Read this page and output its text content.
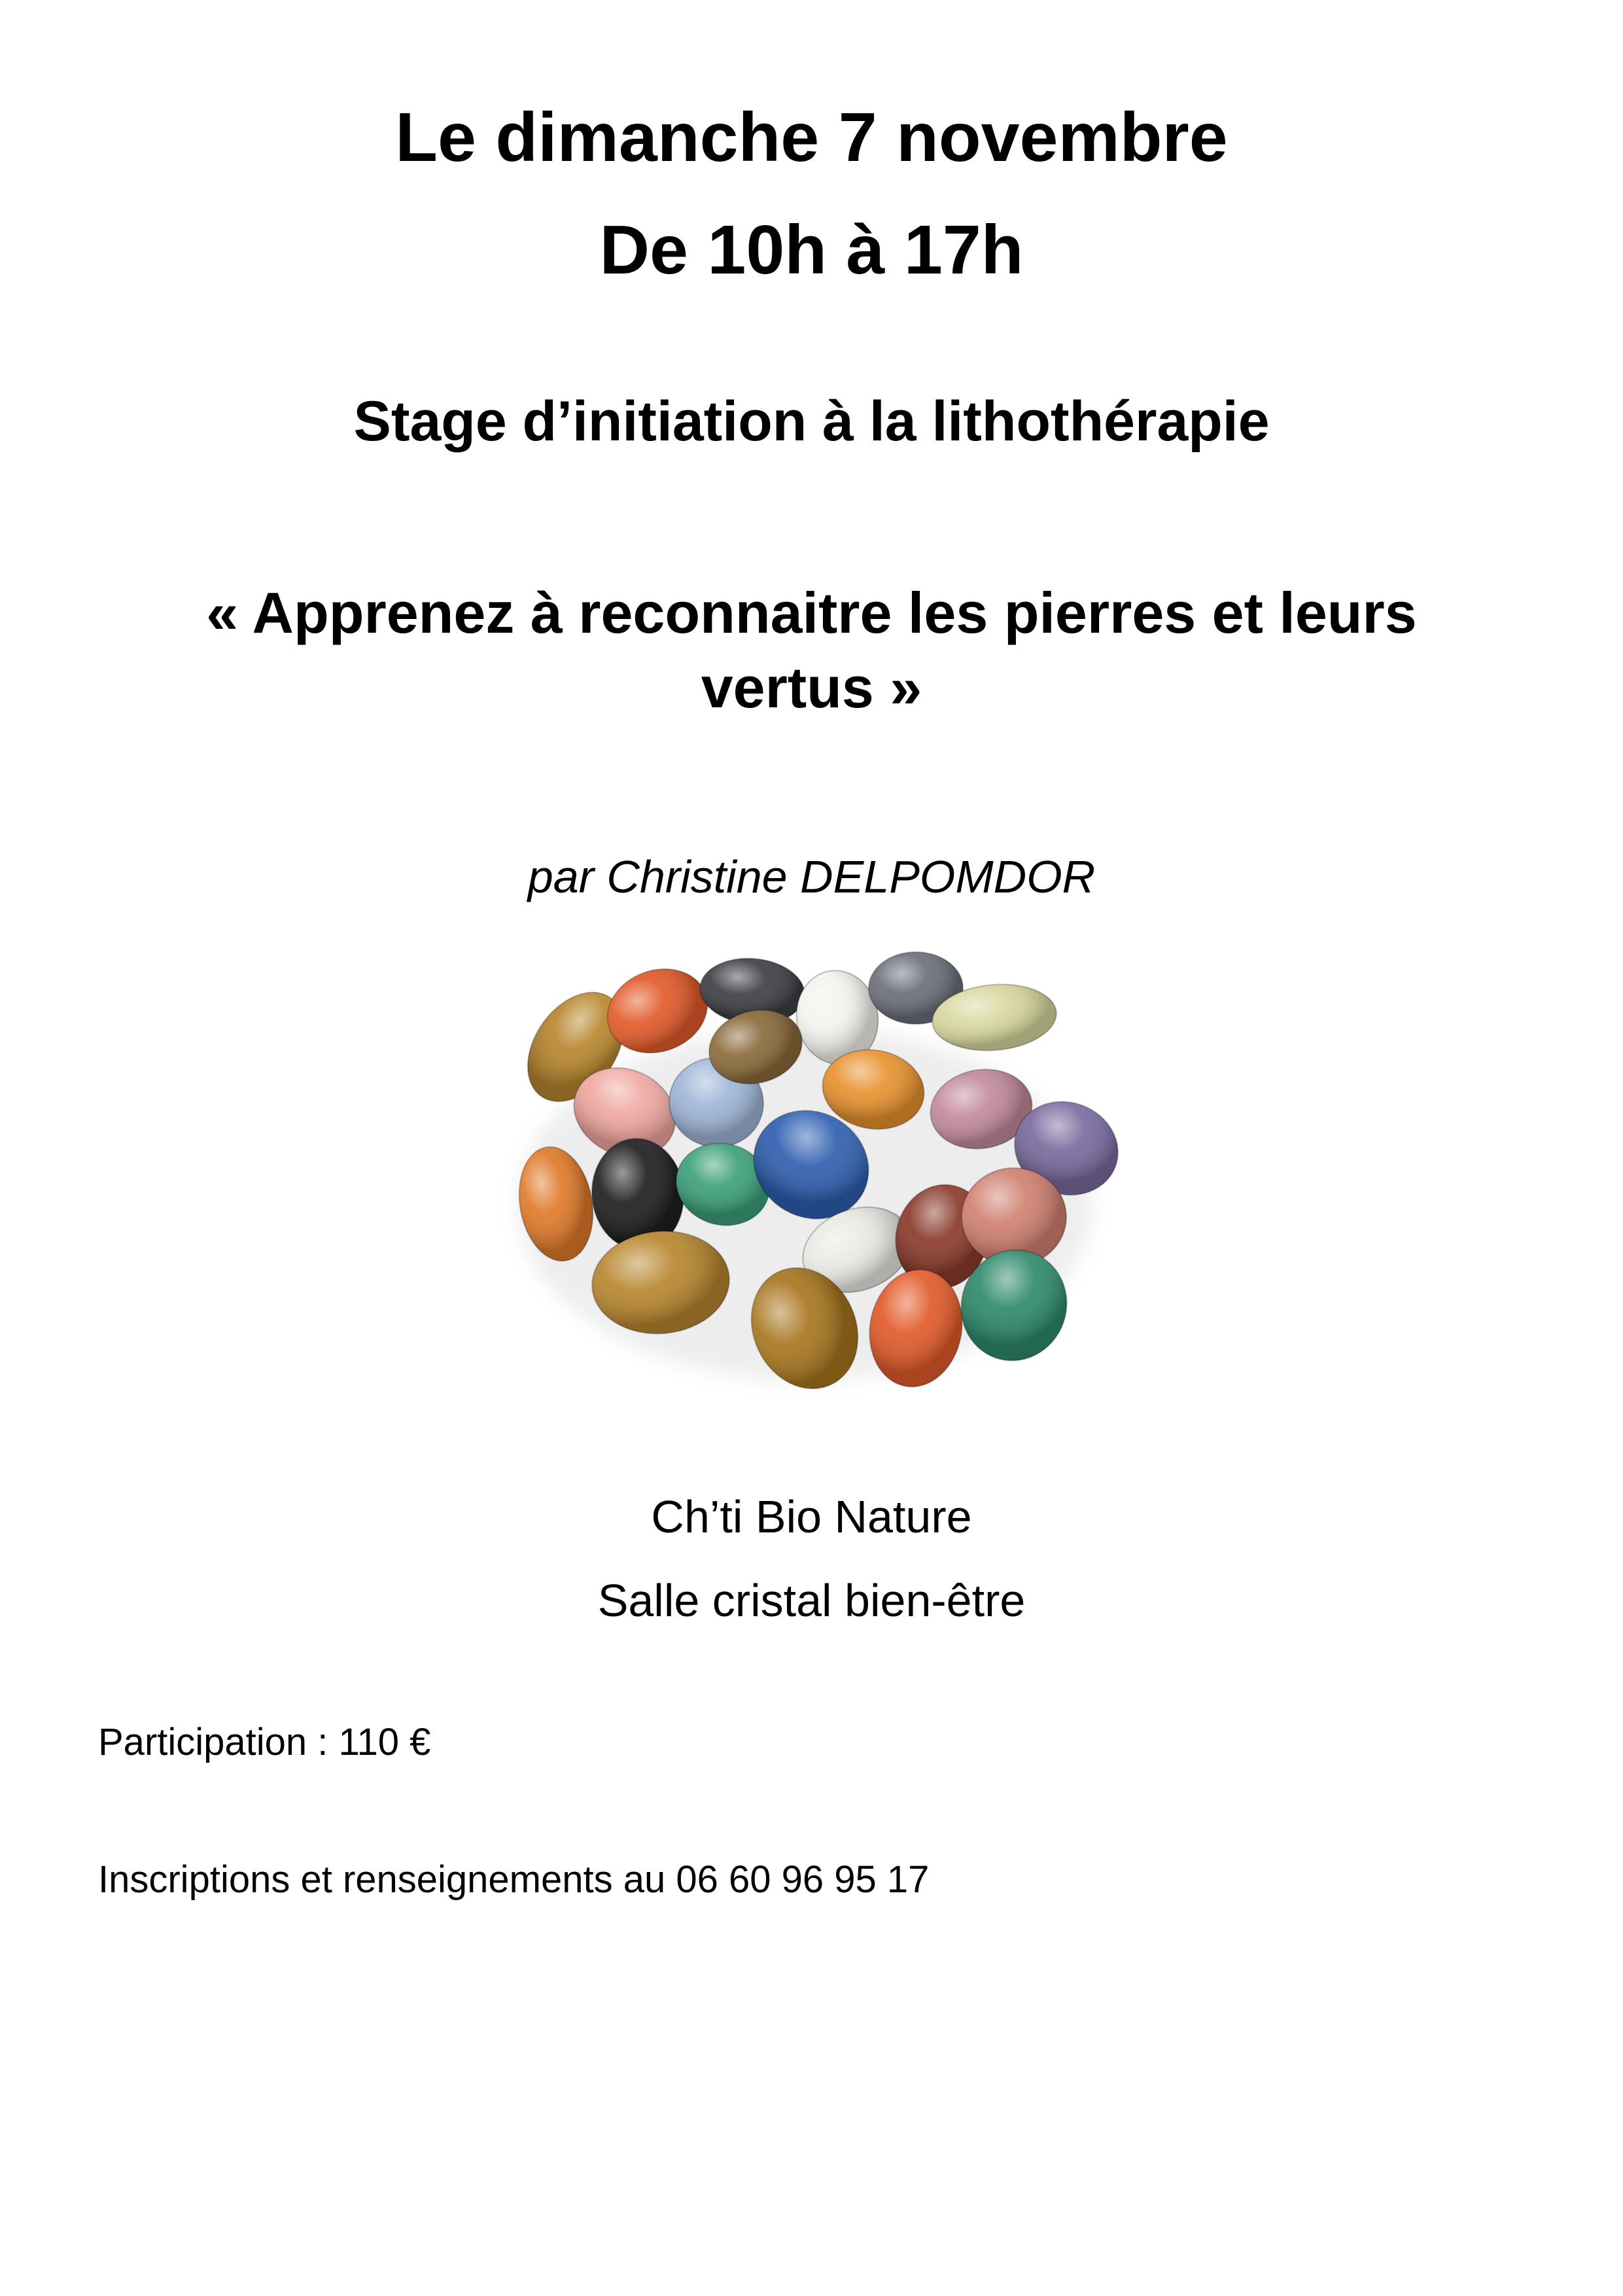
Le dimanche 7 novembre

De 10h à 17h

Stage d’initiation à la lithothérapie

« Apprenez à reconnaitre les pierres et leurs vertus »

par Christine DELPOMDOR

Ch’ti Bio Nature

Salle cristal bien-être

Participation : 110 €

Inscriptions et renseignements au 06 60 96 95 17
